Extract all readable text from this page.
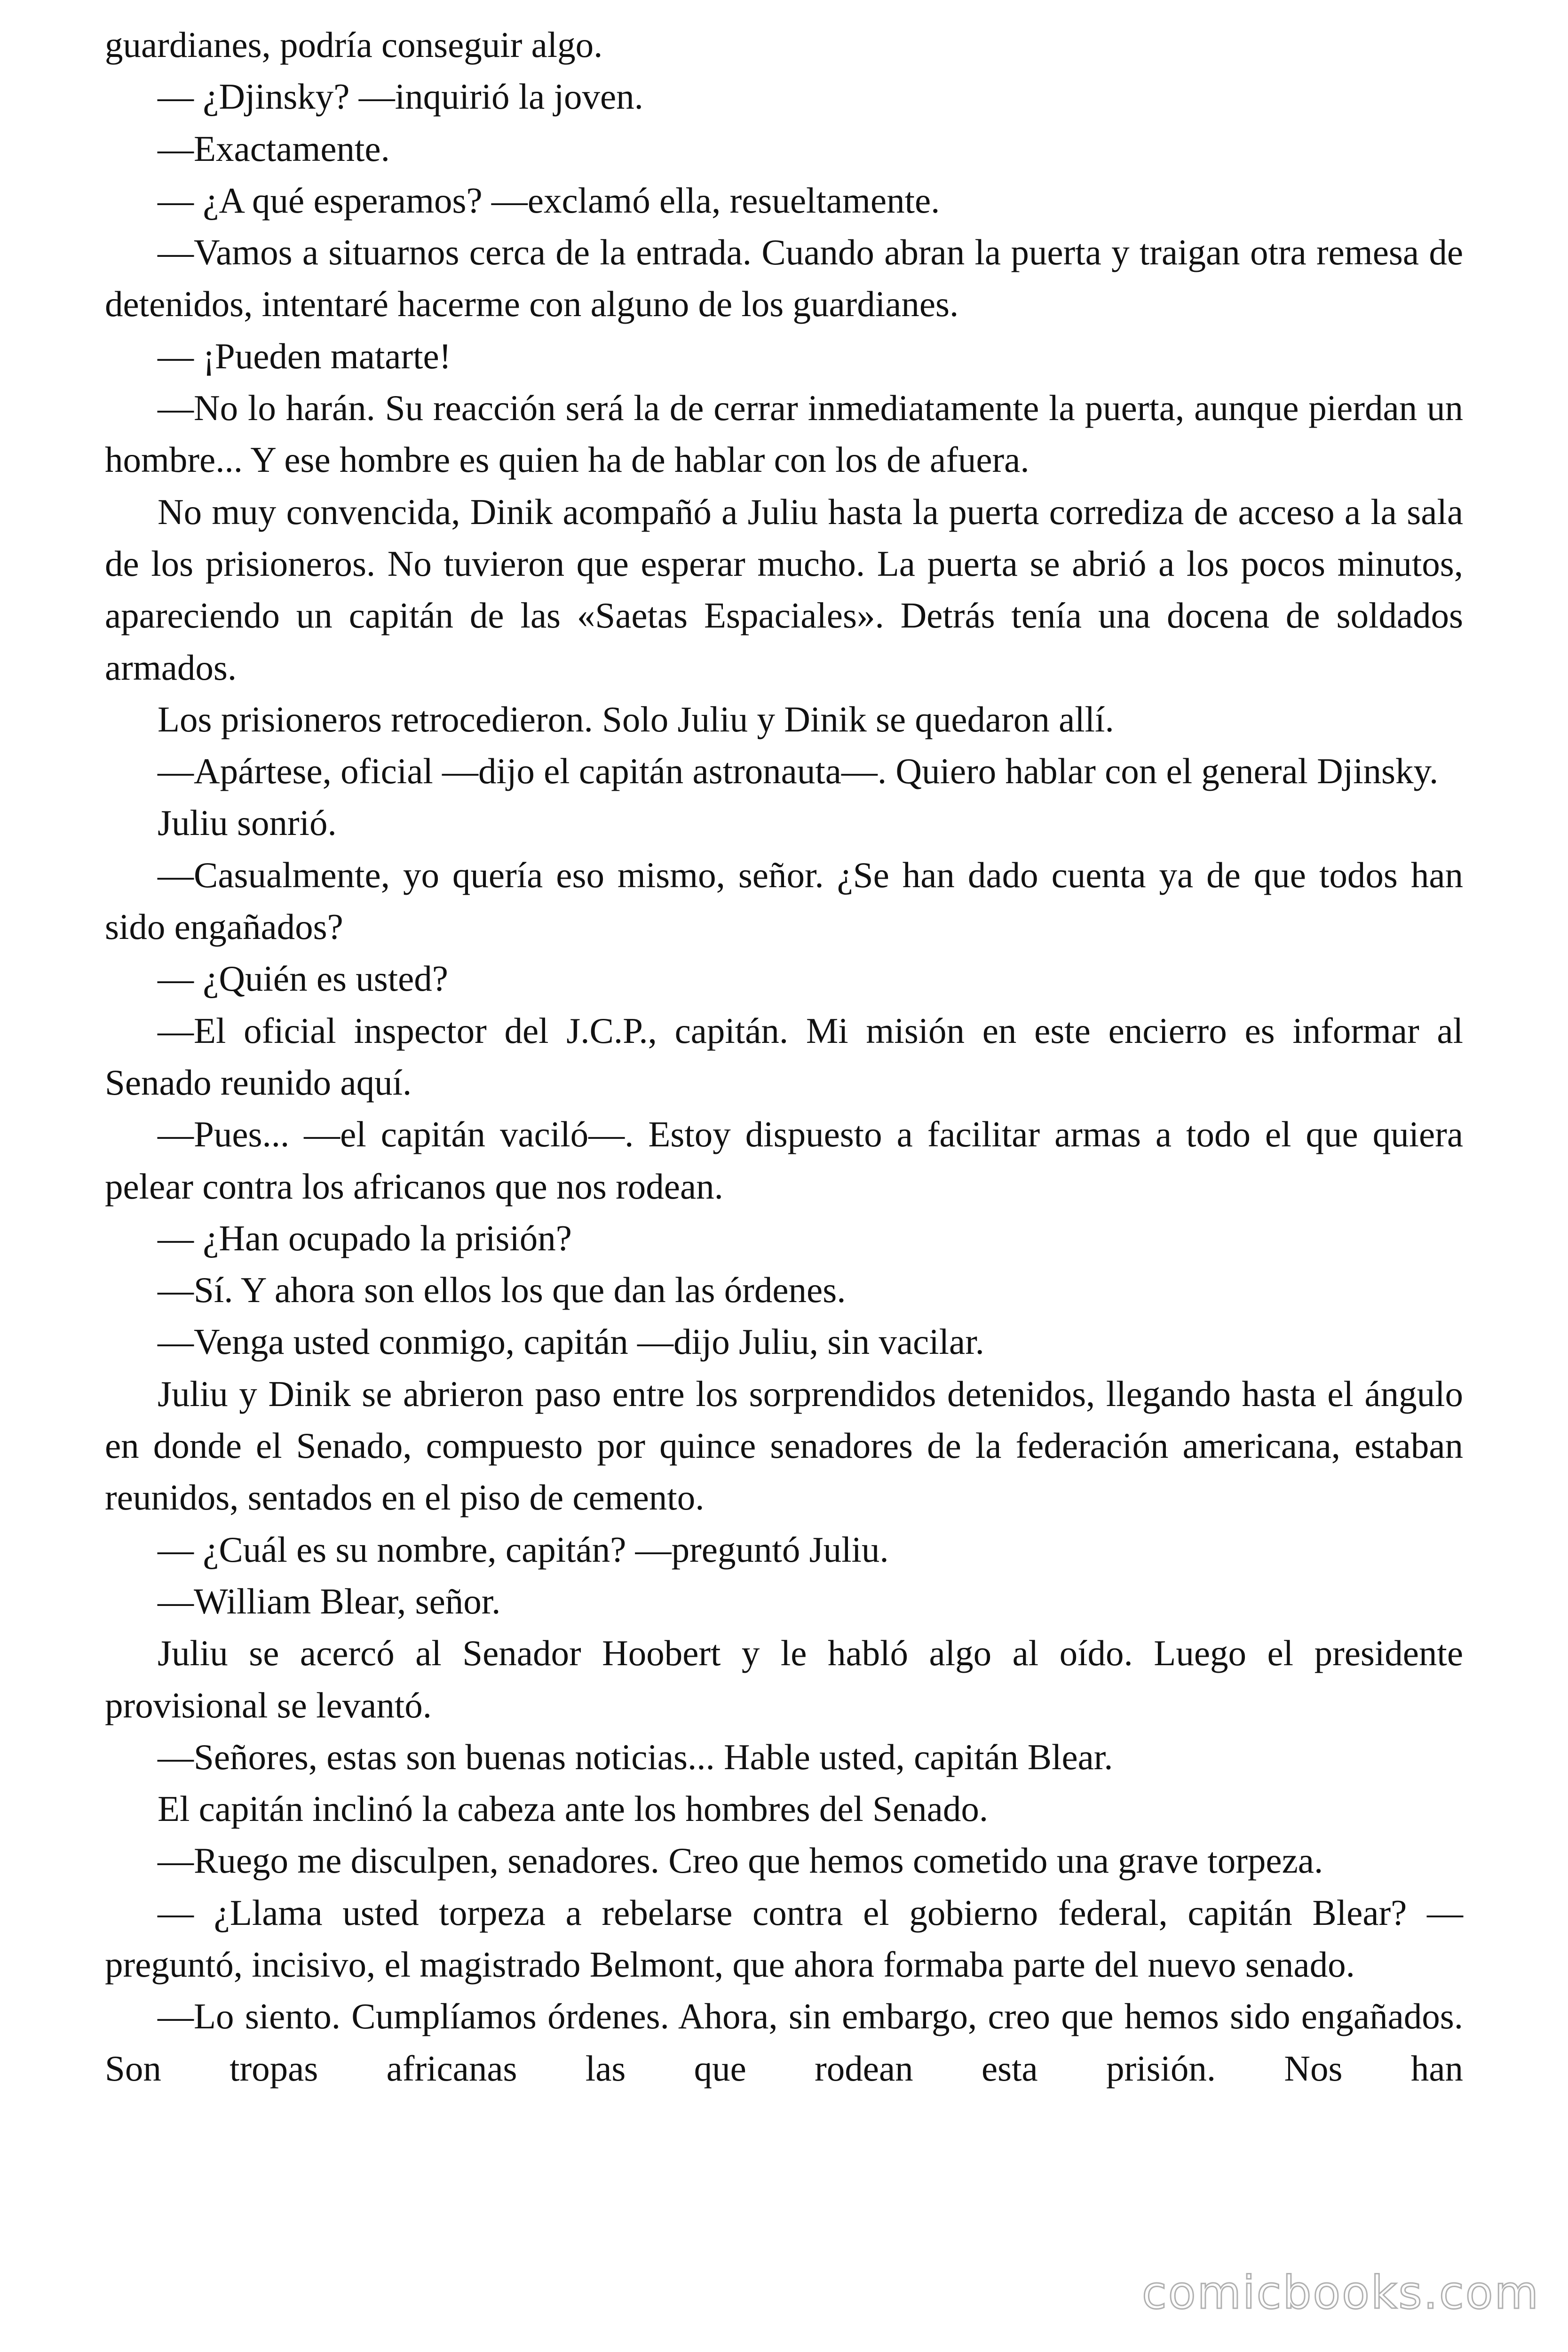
guardianes, podría conseguir algo.

— ¿Djinsky? —inquirió la joven.

—Exactamente.

— ¿A qué esperamos? —exclamó ella, resueltamente.

—Vamos a situarnos cerca de la entrada. Cuando abran la puerta y traigan otra remesa de detenidos, intentaré hacerme con alguno de los guardianes.

— ¡Pueden matarte!

—No lo harán. Su reacción será la de cerrar inmediatamente la puerta, aunque pierdan un hombre... Y ese hombre es quien ha de hablar con los de afuera.

No muy convencida, Dinik acompañó a Juliu hasta la puerta corrediza de acceso a la sala de los prisioneros. No tuvieron que esperar mucho. La puerta se abrió a los pocos minutos, apareciendo un capitán de las «Saetas Espaciales». Detrás tenía una docena de soldados armados.

Los prisioneros retrocedieron. Solo Juliu y Dinik se quedaron allí.

—Apártese, oficial —dijo el capitán astronauta—. Quiero hablar con el general Djinsky.

Juliu sonrió.

—Casualmente, yo quería eso mismo, señor. ¿Se han dado cuenta ya de que todos han sido engañados?

— ¿Quién es usted?

—El oficial inspector del J.C.P., capitán. Mi misión en este encierro es informar al Senado reunido aquí.

—Pues... —el capitán vaciló—. Estoy dispuesto a facilitar armas a todo el que quiera pelear contra los africanos que nos rodean.

— ¿Han ocupado la prisión?

—Sí. Y ahora son ellos los que dan las órdenes.

—Venga usted conmigo, capitán —dijo Juliu, sin vacilar.

Juliu y Dinik se abrieron paso entre los sorprendidos detenidos, llegando hasta el ángulo en donde el Senado, compuesto por quince senadores de la federación americana, estaban reunidos, sentados en el piso de cemento.

— ¿Cuál es su nombre, capitán? —preguntó Juliu.

—William Blear, señor.

Juliu se acercó al Senador Hoobert y le habló algo al oído. Luego el presidente provisional se levantó.

—Señores, estas son buenas noticias... Hable usted, capitán Blear.

El capitán inclinó la cabeza ante los hombres del Senado.

—Ruego me disculpen, senadores. Creo que hemos cometido una grave torpeza.

— ¿Llama usted torpeza a rebelarse contra el gobierno federal, capitán Blear? —preguntó, incisivo, el magistrado Belmont, que ahora formaba parte del nuevo senado.

—Lo siento. Cumplíamos órdenes. Ahora, sin embargo, creo que hemos sido engañados. Son tropas africanas las que rodean esta prisión. Nos han

comicbooks.com
